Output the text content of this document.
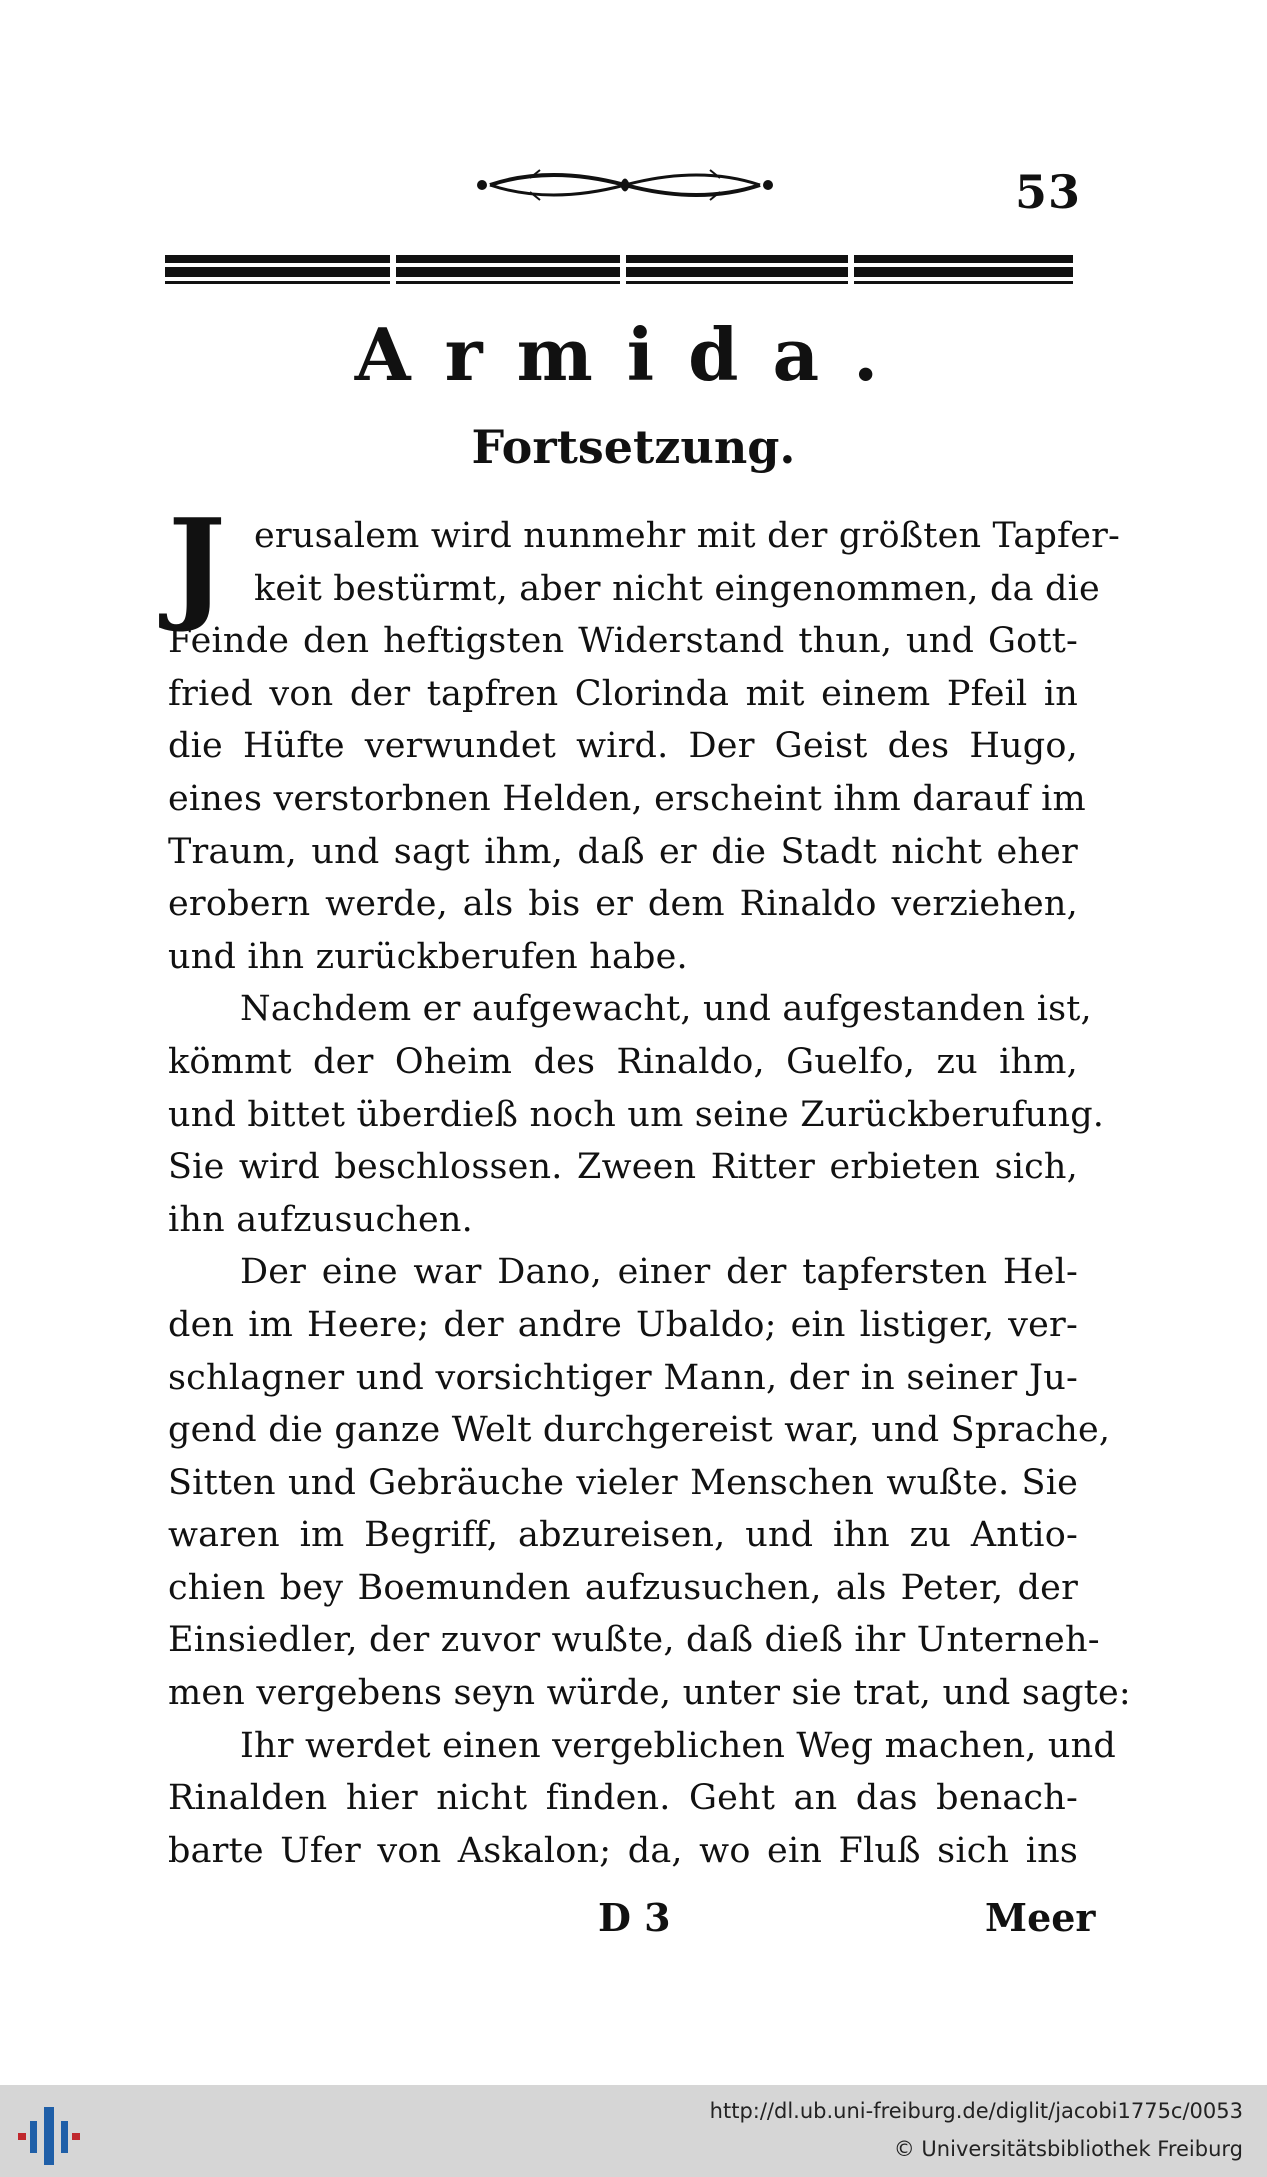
53
Armida.
Fortsetzung.
J erusalem wird nunmehr mit der größten Tapfer-
keit bestürmt, aber nicht eingenommen, da die
Feinde den heftigsten Widerstand thun, und Gott-
fried von der tapfren Clorinda mit einem Pfeil in
die Hüfte verwundet wird. Der Geist des Hugo,
eines verstorbnen Helden, erscheint ihm darauf im
Traum, und sagt ihm, daß er die Stadt nicht eher
erobern werde, als bis er dem Rinaldo verziehen,
und ihn zurückberufen habe.
Nachdem er aufgewacht, und aufgestanden ist,
kömmt der Oheim des Rinaldo, Guelfo, zu ihm,
und bittet überdieß noch um seine Zurückberufung.
Sie wird beschlossen. Zween Ritter erbieten sich,
ihn aufzusuchen.
Der eine war Dano, einer der tapfersten Hel-
den im Heere; der andre Ubaldo; ein listiger, ver-
schlagner und vorsichtiger Mann, der in seiner Ju-
gend die ganze Welt durchgereist war, und Sprache,
Sitten und Gebräuche vieler Menschen wußte. Sie
waren im Begriff, abzureisen, und ihn zu Antio-
chien bey Boemunden aufzusuchen, als Peter, der
Einsiedler, der zuvor wußte, daß dieß ihr Unterneh-
men vergebens seyn würde, unter sie trat, und sagte:
Ihr werdet einen vergeblichen Weg machen, und
Rinalden hier nicht finden. Geht an das benach-
barte Ufer von Askalon; da, wo ein Fluß sich ins
D 3	Meer
http://dl.ub.uni-freiburg.de/diglit/jacobi1775c/0053
© Universitätsbibliothek Freiburg
